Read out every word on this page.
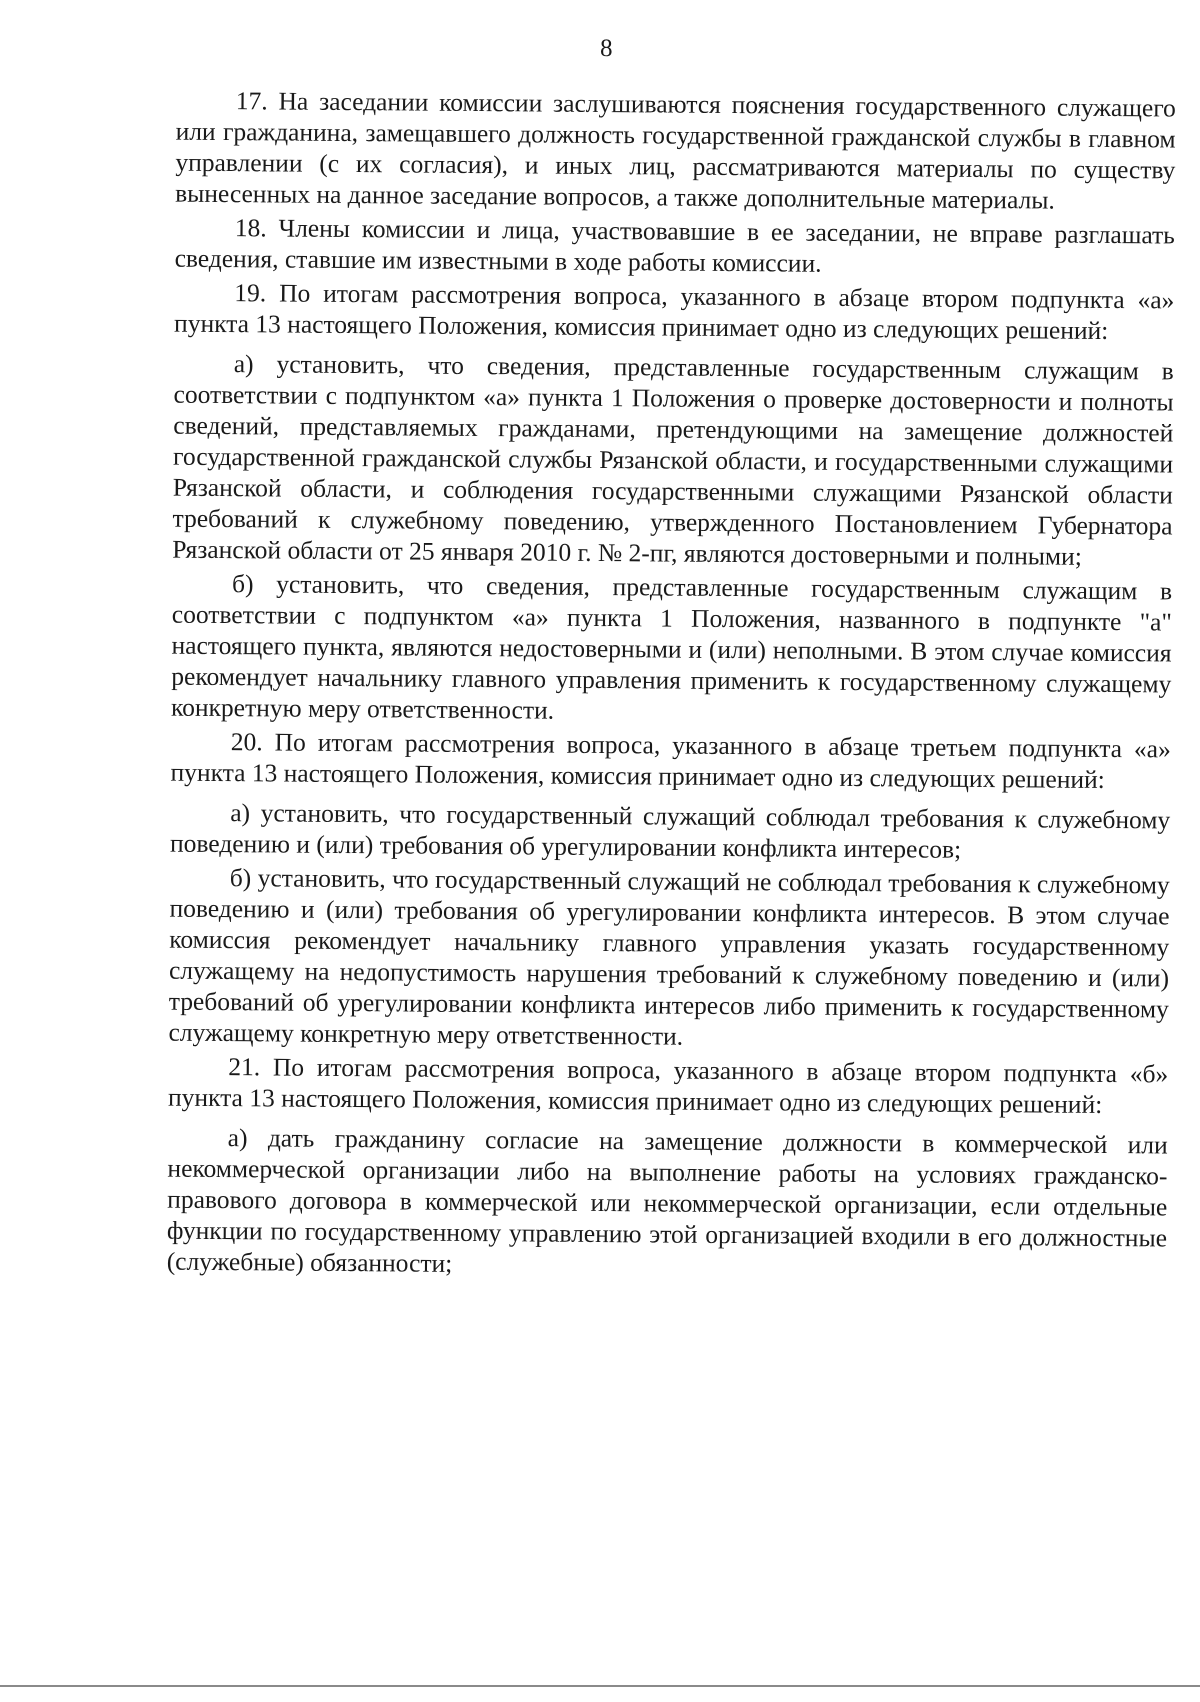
8

17. На заседании комиссии заслушиваются пояснения государственного служащего или гражданина, замещавшего должность государственной гражданской службы в главном управлении (с их согласия), и иных лиц, рассматриваются материалы по существу вынесенных на данное заседание вопросов, а также дополнительные материалы.

18. Члены комиссии и лица, участвовавшие в ее заседании, не вправе разглашать сведения, ставшие им известными в ходе работы комиссии.

19. По итогам рассмотрения вопроса, указанного в абзаце втором подпункта «а» пункта 13 настоящего Положения, комиссия принимает одно из следующих решений:

а) установить, что сведения, представленные государственным служащим в соответствии с подпунктом «а» пункта 1 Положения о проверке достоверности и полноты сведений, представляемых гражданами, претендующими на замещение должностей государственной гражданской службы Рязанской области, и государственными служащими Рязанской области, и соблюдения государственными служащими Рязанской области требований к служебному поведению, утвержденного Постановлением Губернатора Рязанской области от 25 января 2010 г. № 2-пг, являются достоверными и полными;

б) установить, что сведения, представленные государственным служащим в соответствии с подпунктом «а» пункта 1 Положения, названного в подпункте "а" настоящего пункта, являются недостоверными и (или) неполными. В этом случае комиссия рекомендует начальнику главного управления применить к государственному служащему конкретную меру ответственности.

20. По итогам рассмотрения вопроса, указанного в абзаце третьем подпункта «а» пункта 13 настоящего Положения, комиссия принимает одно из следующих решений:

а) установить, что государственный служащий соблюдал требования к служебному поведению и (или) требования об урегулировании конфликта интересов;

б) установить, что государственный служащий не соблюдал требования к служебному поведению и (или) требования об урегулировании конфликта интересов. В этом случае комиссия рекомендует начальнику главного управления указать государственному служащему на недопустимость нарушения требований к служебному поведению и (или) требований об урегулировании конфликта интересов либо применить к государственному служащему конкретную меру ответственности.

21. По итогам рассмотрения вопроса, указанного в абзаце втором подпункта «б» пункта 13 настоящего Положения, комиссия принимает одно из следующих решений:

а) дать гражданину согласие на замещение должности в коммерческой или некоммерческой организации либо на выполнение работы на условиях гражданско-правового договора в коммерческой или некоммерческой организации, если отдельные функции по государственному управлению этой организацией входили в его должностные (служебные) обязанности;
